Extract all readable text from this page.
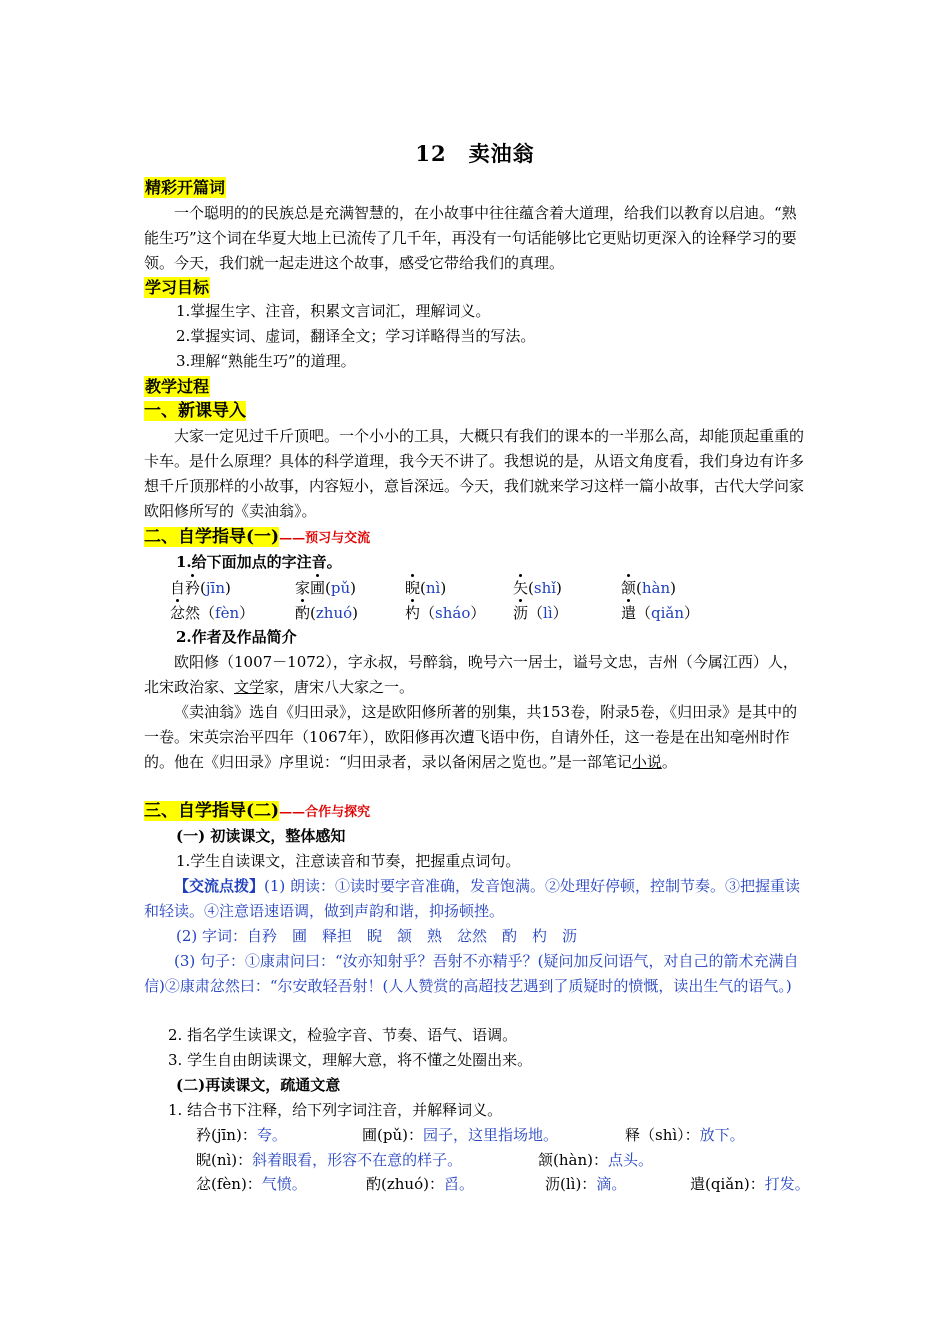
12　卖油翁
精彩开篇词
一个聪明的的民族总是充满智慧的，在小故事中往往蕴含着大道理，给我们以教育以启迪。“熟能生巧”这个词在华夏大地上已流传了几千年，再没有一句话能够比它更贴切更深入的诠释学习的要领。今天，我们就一起走进这个故事，感受它带给我们的真理。
学习目标
1.掌握生字、注音，积累文言词汇，理解词义。
2.掌握实词、虚词，翻译全文；学习详略得当的写法。
3.理解“熟能生巧”的道理。
教学过程
一、新课导入
大家一定见过千斤顶吧。一个小小的工具，大概只有我们的课本的一半那么高，却能顶起重重的卡车。是什么原理？具体的科学道理，我今天不讲了。我想说的是，从语文角度看，我们身边有许多想千斤顶那样的小故事，内容短小，意旨深远。今天，我们就来学习这样一篇小故事，古代大学问家欧阳修所写的《卖油翁》。
二、自学指导(一)——预习与交流
1.给下面加点的字注音。
自矜(jīn)	家圃(pǔ)	睨(nì)	矢(shǐ)	颔(hàn)
忿然（fèn）	酌(zhuó)	杓（sháo） 沥（lì）	遣（qiǎn）
2.作者及作品简介
欧阳修（1007－1072），字永叔，号醉翁，晚号六一居士，谥号文忠，吉州（今属江西）人，北宋政治家、文学家，唐宋八大家之一。
《卖油翁》选自《归田录》，这是欧阳修所著的别集，共153卷，附录5卷，《归田录》是其中的一卷。宋英宗治平四年（1067年），欧阳修再次遭飞语中伤，自请外任，这一卷是在出知亳州时作的。他在《归田录》序里说：“归田录者，录以备闲居之览也。”是一部笔记小说。
三、自学指导(二)——合作与探究
(一) 初读课文，整体感知
1.学生自读课文，注意读音和节奏，把握重点词句。
【交流点拨】(1) 朗读：①读时要字音准确，发音饱满。②处理好停顿，控制节奏。③把握重读和轻读。④注意语速语调，做到声韵和谐，抑扬顿挫。
(2) 字词：自矜　圃　释担　睨　颔　熟　忿然　酌　杓　沥
(3) 句子：①康肃问曰：“汝亦知射乎？吾射不亦精乎？(疑问加反问语气，对自己的箭术充满自信)②康肃忿然曰：“尔安敢轻吾射！(人人赞赏的高超技艺遇到了质疑时的愤慨，读出生气的语气。)
2. 指名学生读课文，检验字音、节奏、语气、语调。
3. 学生自由朗读课文，理解大意，将不懂之处圈出来。
(二)再读课文，疏通文意
1. 结合书下注释，给下列字词注音，并解释词义。
矜(jīn)：夸。	圃(pǔ)：园子，这里指场地。	释（shì）：放下。
睨(nì)：斜着眼看，形容不在意的样子。	颔(hàn)：点头。
忿(fèn)：气愤。	酌(zhuó)：舀。	沥(lì)：滴。	遣(qiǎn)：打发。
